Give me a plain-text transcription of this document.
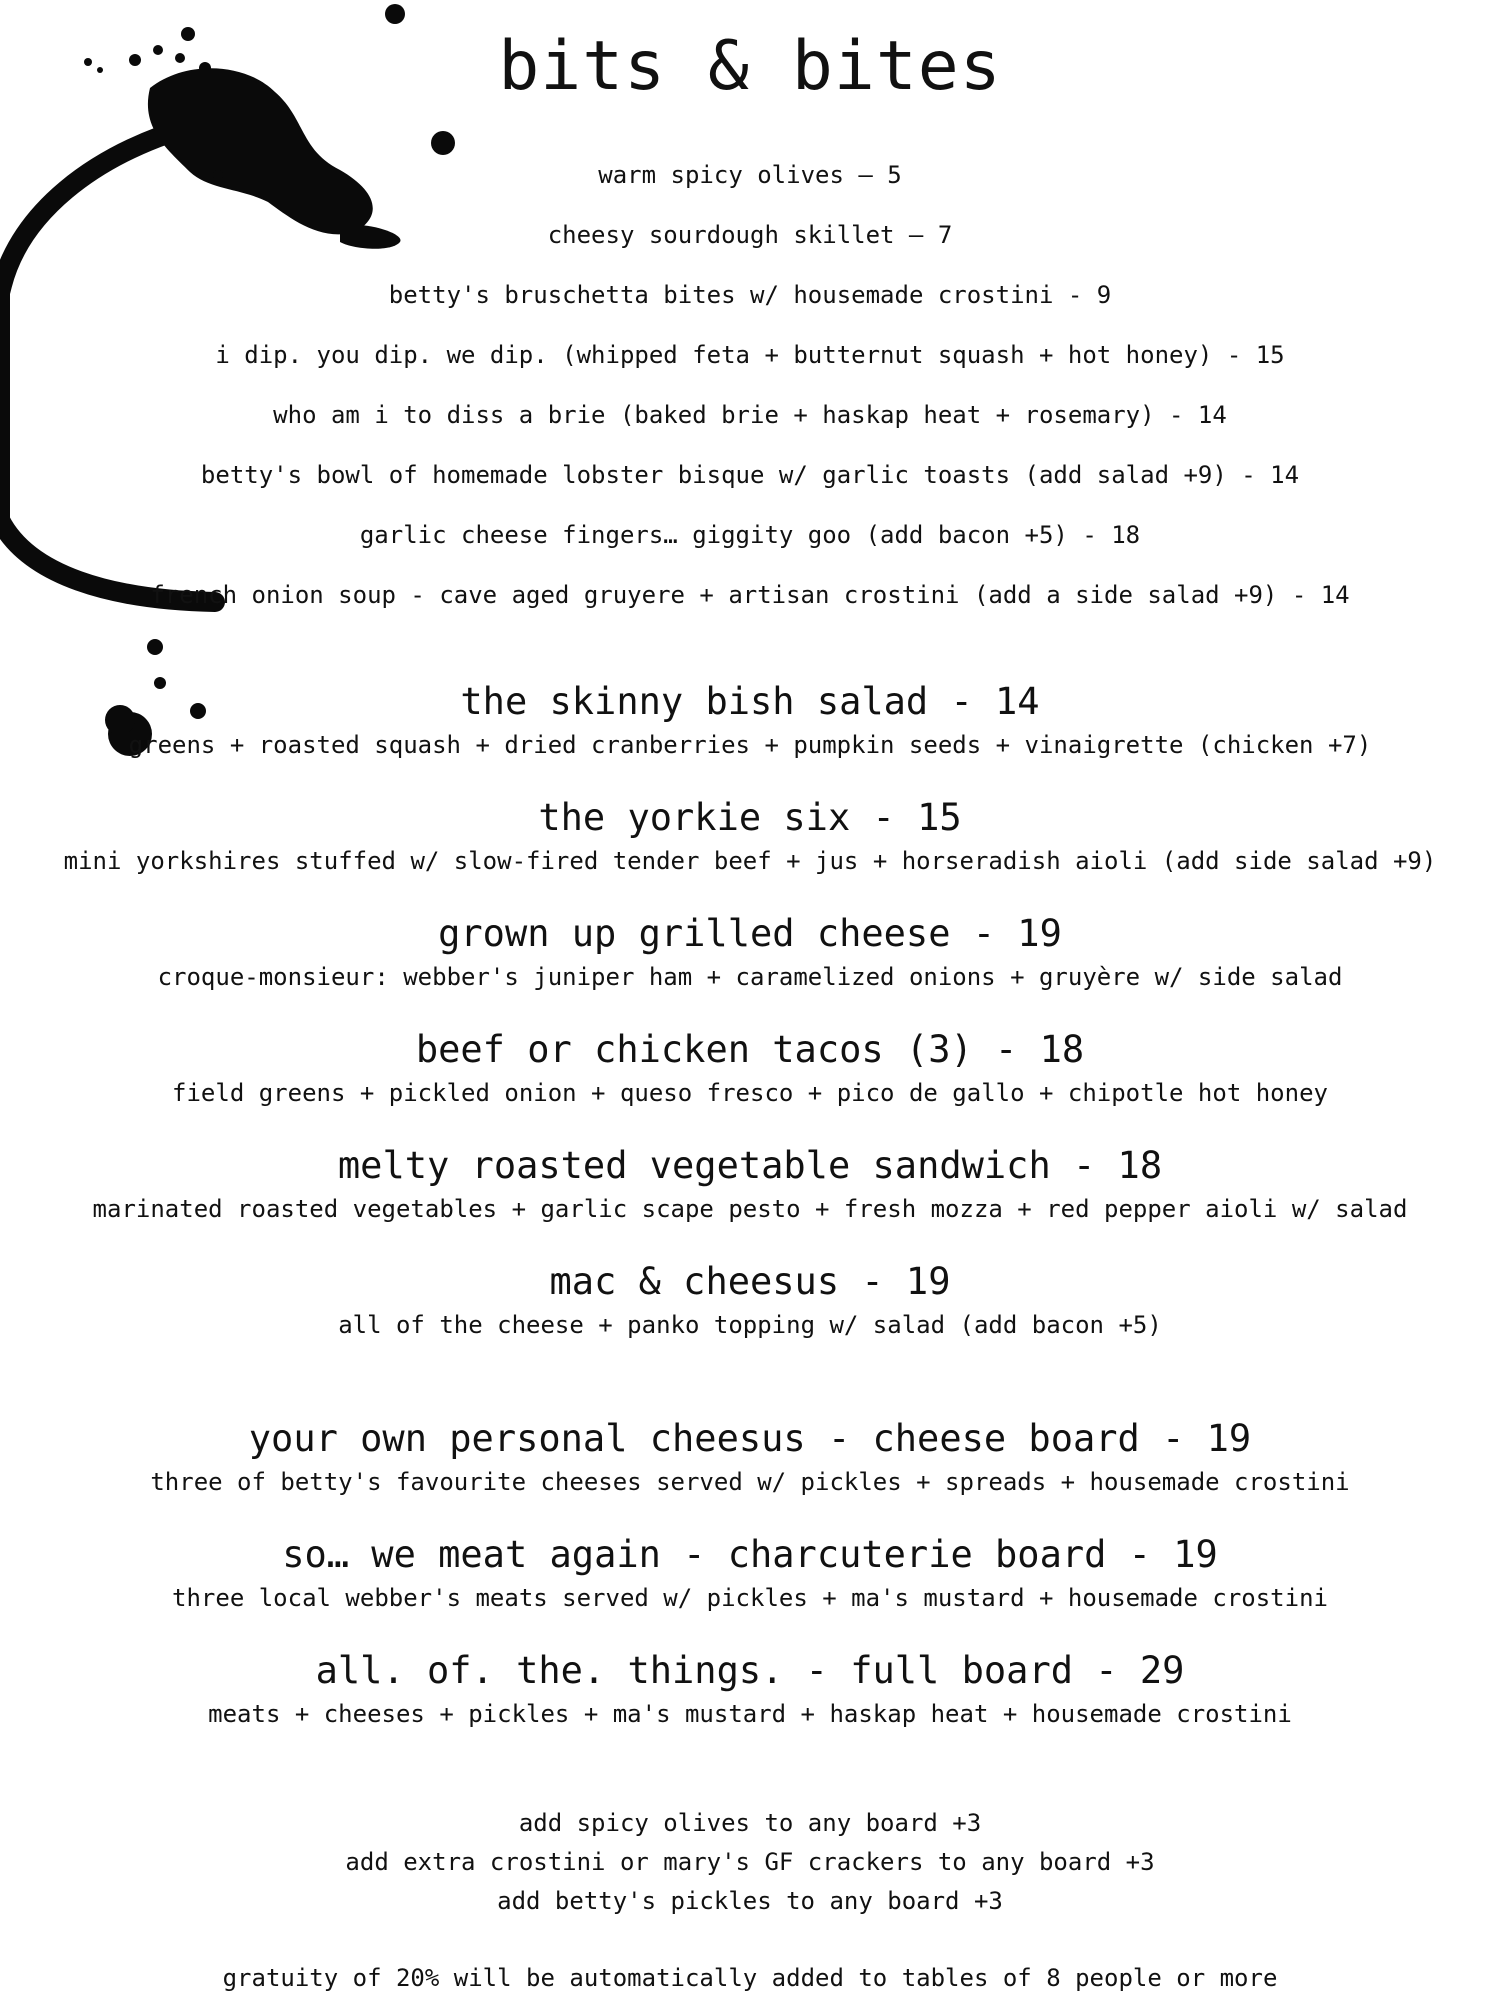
bits & bites
warm spicy olives – 5
cheesy sourdough skillet – 7
betty's bruschetta bites w/ housemade crostini - 9
i dip. you dip. we dip. (whipped feta + butternut squash + hot honey) - 15
who am i to diss a brie (baked brie + haskap heat + rosemary) - 14
betty's bowl of homemade lobster bisque w/ garlic toasts (add salad +9) - 14
garlic cheese fingers… giggity goo (add bacon +5) - 18
french onion soup - cave aged gruyere + artisan crostini (add a side salad +9) - 14
the skinny bish salad - 14
greens + roasted squash + dried cranberries + pumpkin seeds + vinaigrette (chicken +7)
the yorkie six - 15
mini yorkshires stuffed w/ slow-fired tender beef + jus + horseradish aioli (add side salad +9)
grown up grilled cheese - 19
croque-monsieur: webber's juniper ham + caramelized onions + gruyère w/ side salad
beef or chicken tacos (3) - 18
field greens + pickled onion + queso fresco + pico de gallo + chipotle hot honey
melty roasted vegetable sandwich - 18
marinated roasted vegetables + garlic scape pesto + fresh mozza + red pepper aioli w/ salad
mac & cheesus - 19
all of the cheese + panko topping w/ salad (add bacon +5)
your own personal cheesus - cheese board - 19
three of betty's favourite cheeses served w/ pickles + spreads + housemade crostini
so… we meat again - charcuterie board - 19
three local webber's meats served w/ pickles + ma's mustard + housemade crostini
all. of. the. things. - full board - 29
meats + cheeses + pickles + ma's mustard + haskap heat + housemade crostini
add spicy olives to any board +3
add extra crostini or mary's GF crackers to any board +3
add betty's pickles to any board +3
gratuity of 20% will be automatically added to tables of 8 people or more
